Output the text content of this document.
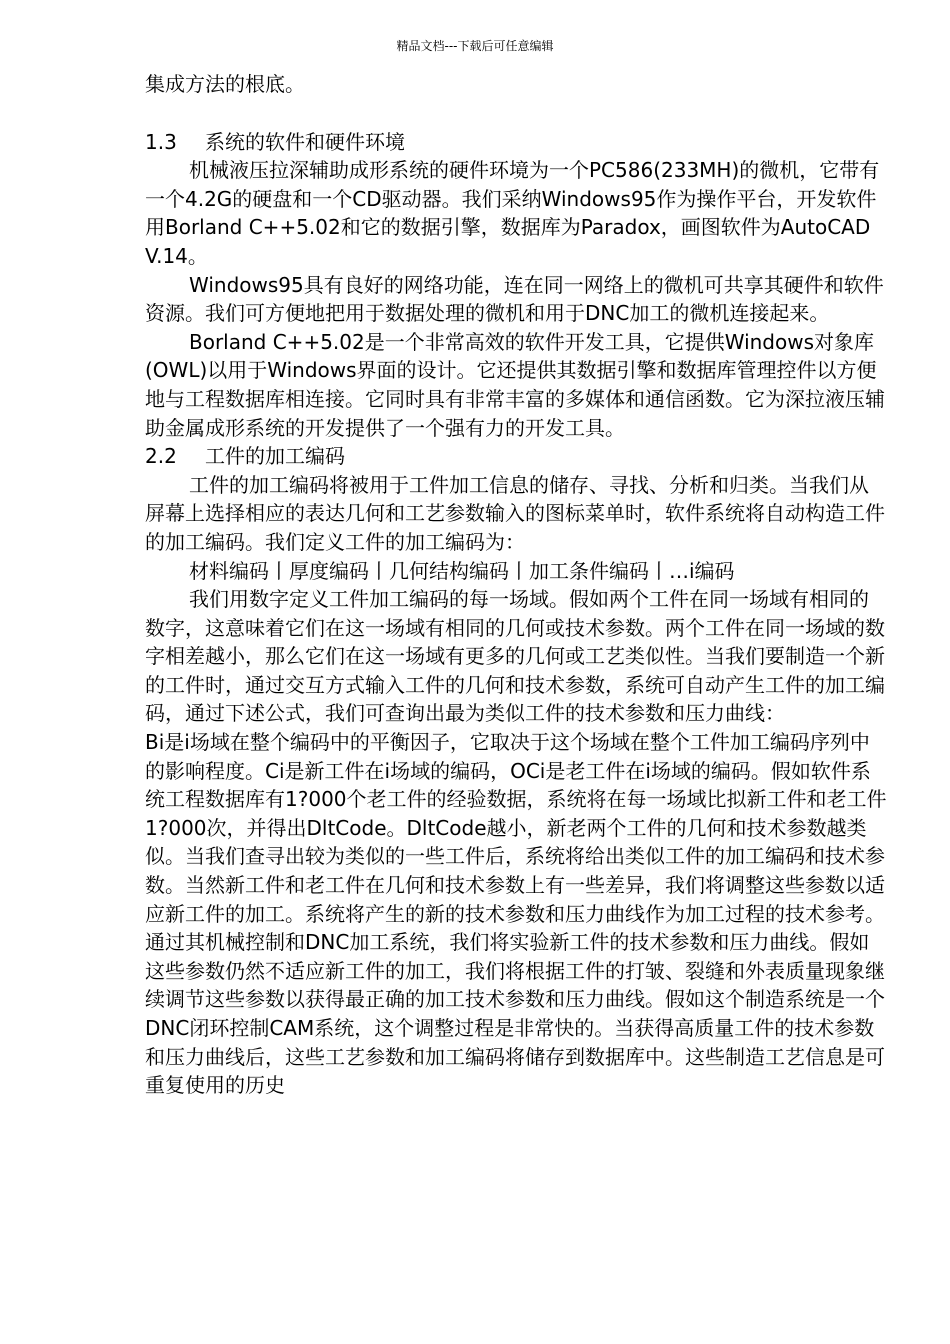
精品文档---下载后可任意编辑

集成方法的根底。

1.3 系统的软件和硬件环境

机械液压拉深辅助成形系统的硬件环境为一个PC586(233MH)的微机，它带有一个4.2G的硬盘和一个CD驱动器。我们采纳Windows95作为操作平台，开发软件用Borland C++5.02和它的数据引擎，数据库为Paradox，画图软件为AutoCAD V.14。

Windows95具有良好的网络功能，连在同一网络上的微机可共享其硬件和软件资源。我们可方便地把用于数据处理的微机和用于DNC加工的微机连接起来。

Borland C++5.02是一个非常高效的软件开发工具，它提供Windows对象库(OWL)以用于Windows界面的设计。它还提供其数据引擎和数据库管理控件以方便地与工程数据库相连接。它同时具有非常丰富的多媒体和通信函数。它为深拉液压辅助金属成形系统的开发提供了一个强有力的开发工具。

2.2 工件的加工编码

工件的加工编码将被用于工件加工信息的储存、寻找、分析和归类。当我们从屏幕上选择相应的表达几何和工艺参数输入的图标菜单时，软件系统将自动构造工件的加工编码。我们定义工件的加工编码为：

材料编码丨厚度编码丨几何结构编码丨加工条件编码丨…i编码

我们用数字定义工件加工编码的每一场域。假如两个工件在同一场域有相同的数字，这意味着它们在这一场域有相同的几何或技术参数。两个工件在同一场域的数字相差越小，那么它们在这一场域有更多的几何或工艺类似性。当我们要制造一个新的工件时，通过交互方式输入工件的几何和技术参数，系统可自动产生工件的加工编码，通过下述公式，我们可查询出最为类似工件的技术参数和压力曲线：

Bi是i场域在整个编码中的平衡因子，它取决于这个场域在整个工件加工编码序列中的影响程度。Ci是新工件在i场域的编码，OCi是老工件在i场域的编码。假如软件系统工程数据库有1?000个老工件的经验数据，系统将在每一场域比拟新工件和老工件1?000次，并得出DltCode。DltCode越小，新老两个工件的几何和技术参数越类似。当我们查寻出较为类似的一些工件后，系统将给出类似工件的加工编码和技术参数。当然新工件和老工件在几何和技术参数上有一些差异，我们将调整这些参数以适应新工件的加工。系统将产生的新的技术参数和压力曲线作为加工过程的技术参考。通过其机械控制和DNC加工系统，我们将实验新工件的技术参数和压力曲线。假如这些参数仍然不适应新工件的加工，我们将根据工件的打皱、裂缝和外表质量现象继续调节这些参数以获得最正确的加工技术参数和压力曲线。假如这个制造系统是一个DNC闭环控制CAM系统，这个调整过程是非常快的。当获得高质量工件的技术参数和压力曲线后，这些工艺参数和加工编码将储存到数据库中。这些制造工艺信息是可重复使用的历史
